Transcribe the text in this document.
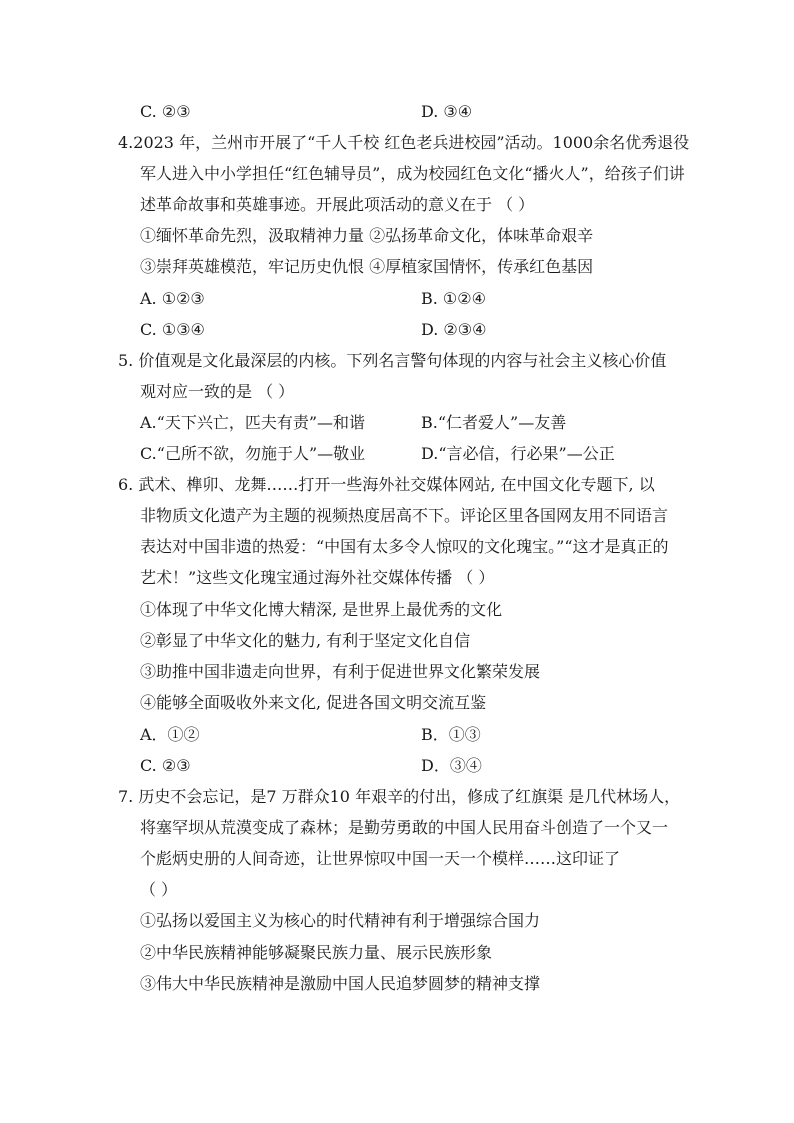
C. ②③	D. ③④
4.2023 年，兰州市开展了“千人千校 红色老兵进校园”活动。1000余名优秀退役
军人进入中小学担任“红色辅导员”，成为校园红色文化“播火人”，给孩子们讲
述革命故事和英雄事迹。开展此项活动的意义在于 （ ）
①缅怀革命先烈，汲取精神力量 ②弘扬革命文化，体味革命艰辛
③崇拜英雄模范，牢记历史仇恨 ④厚植家国情怀，传承红色基因
A. ①②③	B. ①②④
C. ①③④	D. ②③④
5. 价值观是文化最深层的内核。下列名言警句体现的内容与社会主义核心价值
观对应一致的是 （ ）
A.“天下兴亡，匹夫有责”—和谐	B.“仁者爱人”—友善
C.“己所不欲，勿施于人”—敬业	D.“言必信，行必果”—公正
6. 武术、榫卯、龙舞……打开一些海外社交媒体网站, 在中国文化专题下, 以
非物质文化遗产为主题的视频热度居高不下。评论区里各国网友用不同语言
表达对中国非遗的热爱：“中国有太多令人惊叹的文化瑰宝。”“这才是真正的
艺术！”这些文化瑰宝通过海外社交媒体传播 （ ）
①体现了中华文化博大精深, 是世界上最优秀的文化
②彰显了中华文化的魅力, 有利于坚定文化自信
③助推中国非遗走向世界，有利于促进世界文化繁荣发展
④能够全面吸收外来文化, 促进各国文明交流互鉴
A．①②	B．①③
C. ②③	D．③④
7. 历史不会忘记，是7 万群众10 年艰辛的付出，修成了红旗渠 是几代林场人，
将塞罕坝从荒漠变成了森林；是勤劳勇敢的中国人民用奋斗创造了一个又一
个彪炳史册的人间奇迹，让世界惊叹中国一天一个模样……这印证了
（ ）
①弘扬以爱国主义为核心的时代精神有利于增强综合国力
②中华民族精神能够凝聚民族力量、展示民族形象
③伟大中华民族精神是激励中国人民追梦圆梦的精神支撑
